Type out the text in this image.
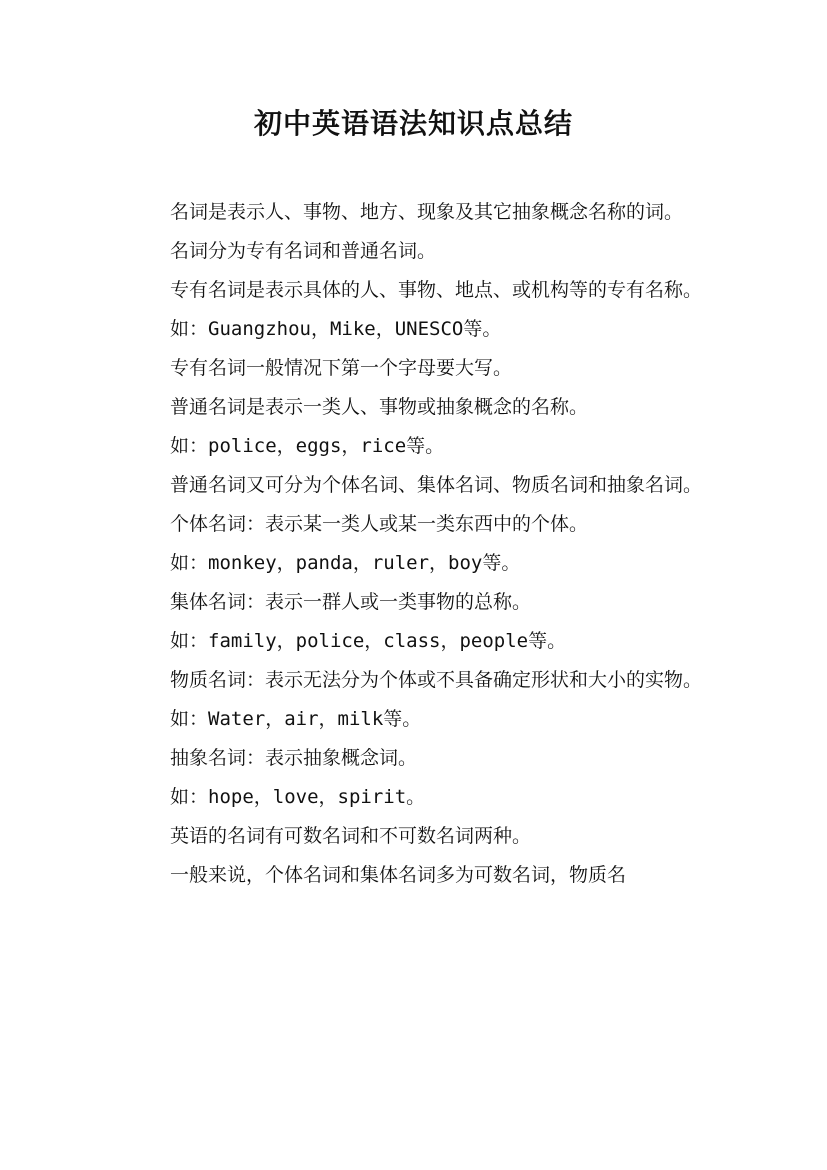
初中英语语法知识点总结

名词是表示人、事物、地方、现象及其它抽象概念名称的词。

名词分为专有名词和普通名词。

专有名词是表示具体的人、事物、地点、或机构等的专有名称。

如：Guangzhou，Mike，UNESCO等。

专有名词一般情况下第一个字母要大写。

普通名词是表示一类人、事物或抽象概念的名称。

如：police，eggs，rice等。

普通名词又可分为个体名词、集体名词、物质名词和抽象名词。

个体名词：表示某一类人或某一类东西中的个体。

如：monkey，panda，ruler，boy等。

集体名词：表示一群人或一类事物的总称。

如：family，police，class，people等。

物质名词：表示无法分为个体或不具备确定形状和大小的实物。

如：Water，air，milk等。

抽象名词：表示抽象概念词。

如：hope，love，spirit。

英语的名词有可数名词和不可数名词两种。

一般来说，个体名词和集体名词多为可数名词，物质名
